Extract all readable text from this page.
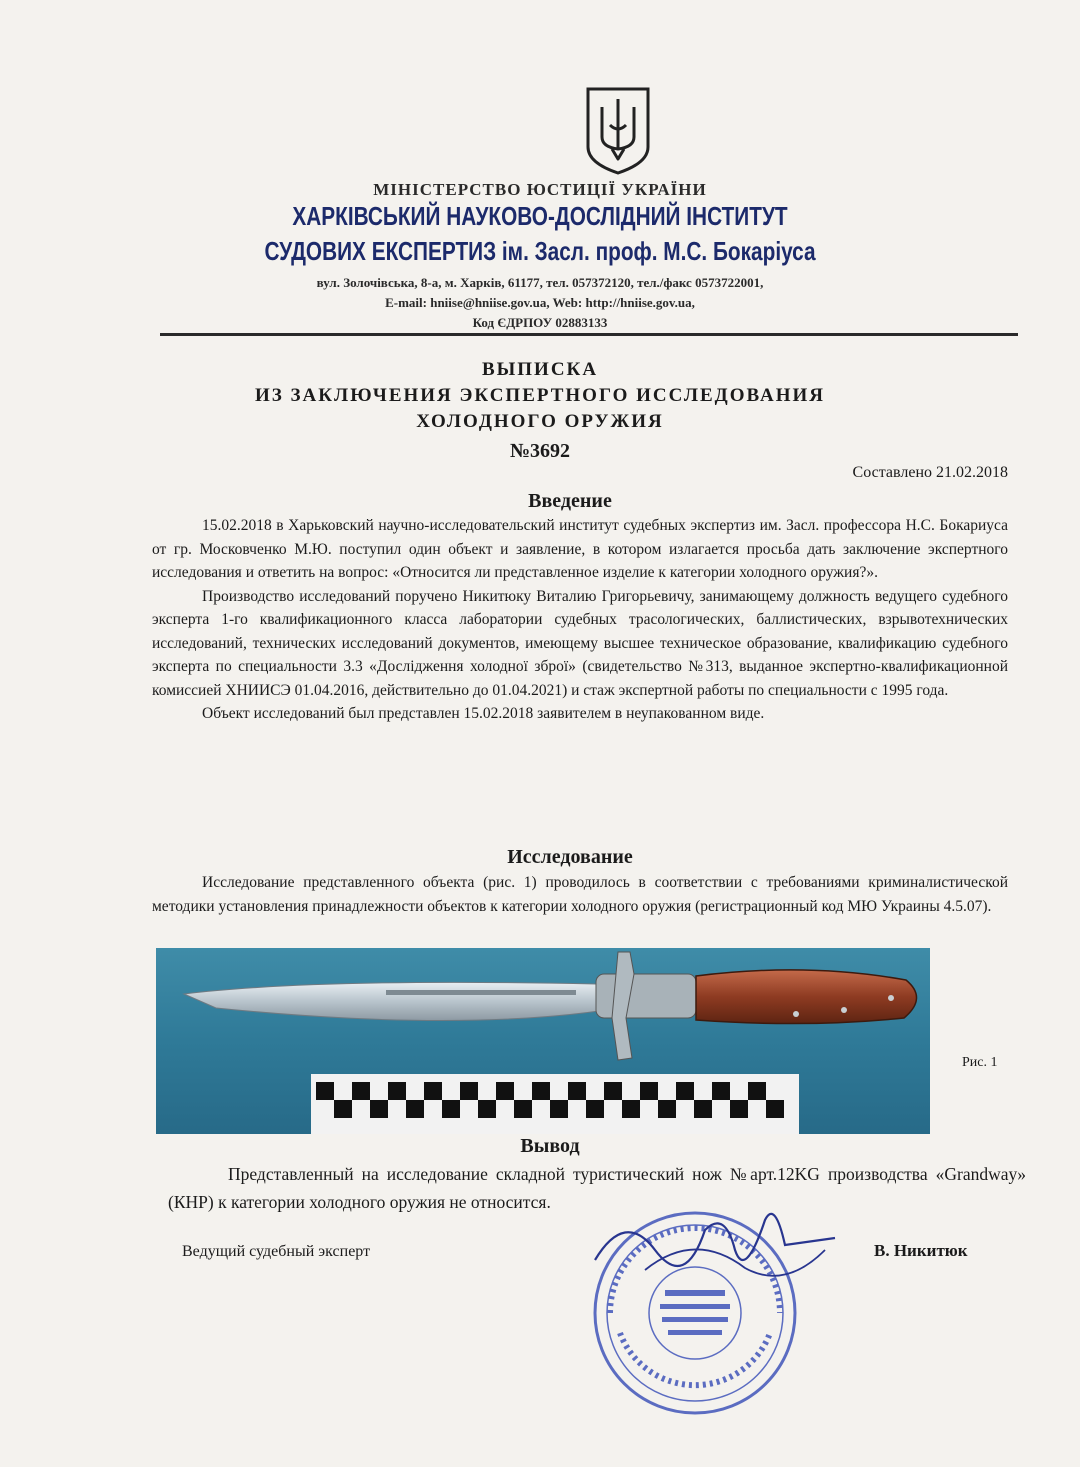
МІНІСТЕРСТВО ЮСТИЦІЇ УКРАЇНИ
ХАРКІВСЬКИЙ НАУКОВО-ДОСЛІДНИЙ ІНСТИТУТ
СУДОВИХ ЕКСПЕРТИЗ ім. Засл. проф. М.С. Бокаріуса
вул. Золочівська, 8-а, м. Харків, 61177, тел. 057372120, тел./факс 0573722001,
E-mail: hniise@hniise.gov.ua, Web: http://hniise.gov.ua,
Код ЄДРПОУ 02883133
ВЫПИСКА
ИЗ ЗАКЛЮЧЕНИЯ ЭКСПЕРТНОГО ИССЛЕДОВАНИЯ
ХОЛОДНОГО ОРУЖИЯ
№3692
Составлено 21.02.2018
Введение

15.02.2018 в Харьковский научно-исследовательский институт судебных экспертиз им. Засл. профессора Н.С. Бокариуса от гр. Московченко М.Ю. поступил один объект и заявление, в котором излагается просьба дать заключение экспертного исследования и ответить на вопрос: «Относится ли представленное изделие к категории холодного оружия?».

Производство исследований поручено Никитюку Виталию Григорьевичу, занимающему должность ведущего судебного эксперта 1-го квалификационного класса лаборатории судебных трасологических, баллистических, взрывотехнических исследований, технических исследований документов, имеющему высшее техническое образование, квалификацию судебного эксперта по специальности 3.3 «Дослідження холодної зброї» (свидетельство №313, выданное экспертно-квалификационной комиссией ХНИИСЭ 01.04.2016, действительно до 01.04.2021) и стаж экспертной работы по специальности с 1995 года.

Объект исследований был представлен 15.02.2018 заявителем в неупакованном виде.

Исследование

Исследование представленного объекта (рис. 1) проводилось в соответствии с требованиями криминалистической методики установления принадлежности объектов к категории холодного оружия (регистрационный код МЮ Украины 4.5.07).

Рис. 1
Вывод

Представленный на исследование складной туристический нож №арт.12KG производства «Grandway» (КНР) к категории холодного оружия не относится.

Ведущий судебный эксперт	В. Никитюк
